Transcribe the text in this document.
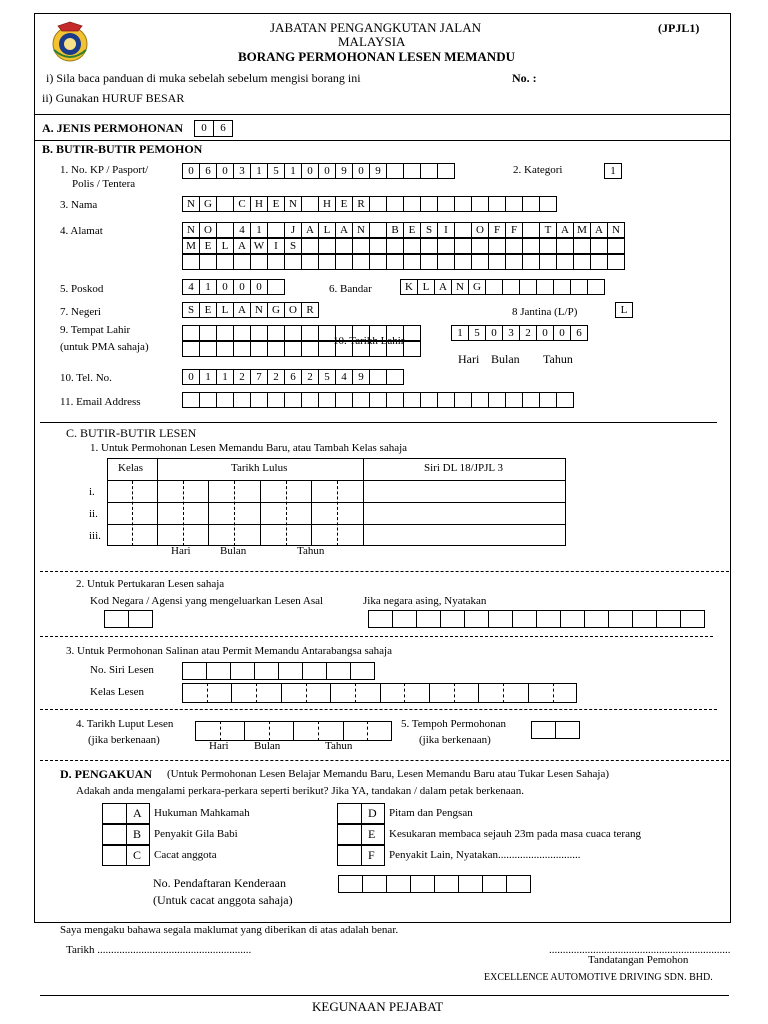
JABATAN PENGANGKUTAN JALAN
MALAYSIA
BORANG PERMOHONAN LESEN MEMANDU
(JPJL1)
i) Sila baca panduan di muka sebelah sebelum mengisi borang ini
ii) Gunakan HURUF BESAR
No. :
A. JENIS PERMOHONAN	0	6
B. BUTIR-BUTIR PEMOHON
1. No. KP / Pasport/
Polis / Tentera
0	6	0	3	1	5	1	0	0	9	0	9	2. Kategori	1
3. Nama	N G	C H E N	H E R
4. Alamat	N O	4	1	J A L A N	B E S	I	O F F	T A M A N
M E L A W I	S
5. Poskod	4	1	0	0	0	6. Bandar	K L A N G
7. Negeri	S E L A N G O R	8 Jantina (L/P)	L
9. Tempat Lahir
(untuk PMA sahaja)	10. Tarikh Lahir
1	5	0	3	2	0	0	6
Hari Bulan Tahun
10. Tel. No.	0	1	1	2	7	2	6	2	5	4	9
11. Email Address
C. BUTIR-BUTIR LESEN
1. Untuk Permohonan Lesen Memandu Baru, atau Tambah Kelas sahaja
Kelas	Tarikh Lulus	Siri DL 18/JPJL 3
i.
ii.
iii.
Hari	Bulan	Tahun
2. Untuk Pertukaran Lesen sahaja
Kod Negara / Agensi yang mengeluarkan Lesen Asal	Jika negara asing, Nyatakan
3. Untuk Permohonan Salinan atau Permit Memandu Antarabangsa sahaja
No. Siri Lesen
Kelas Lesen
4. Tarikh Luput Lesen
(jika berkenaan)	Hari Bulan	Tahun
5. Tempoh Permohonan
(jika berkenaan)
D. PENGAKUAN (Untuk Permohonan Lesen Belajar Memandu Baru, Lesen Memandu Baru atau Tukar Lesen Sahaja)
Adakah anda mengalami perkara-perkara seperti berikut? Jika YA, tandakan / dalam petak berkenaan.
A Hukuman Mahkamah
B Penyakit Gila Babi
C Cacat anggota
D Pitam dan Pengsan
E Kesukaran membaca sejauh 23m pada masa cuaca terang
F Penyakit Lain, Nyatakan..............................
No. Pendaftaran Kenderaan
(Untuk cacat anggota sahaja)
Saya mengaku bahawa segala maklumat yang diberikan di atas adalah benar.
Tarikh ........................................................	..................................................................
Tandatangan Pemohon
EXCELLENCE AUTOMOTIVE DRIVING SDN. BHD.
KEGUNAAN PEJABAT
